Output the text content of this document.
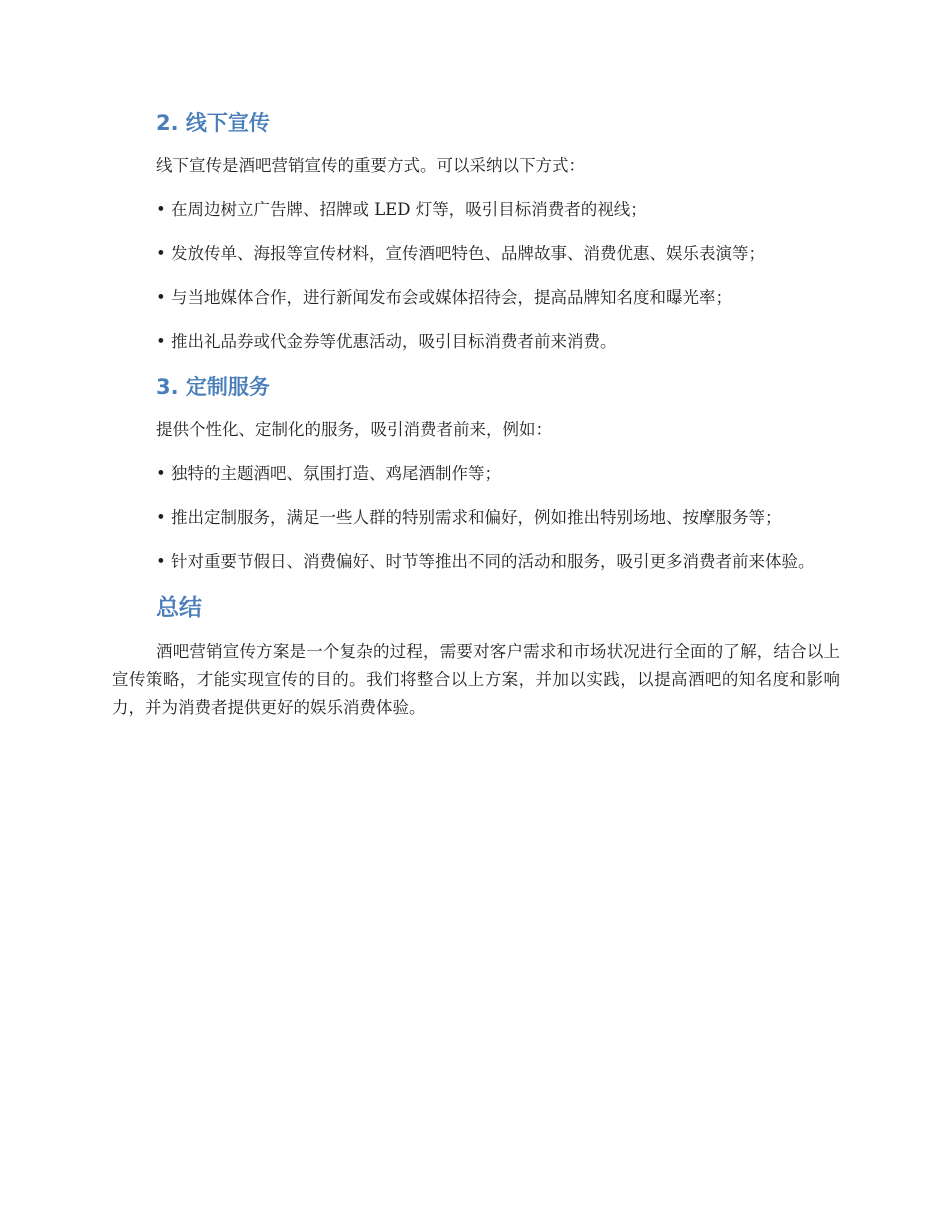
2. 线下宣传

线下宣传是酒吧营销宣传的重要方式。可以采纳以下方式：

• 在周边树立广告牌、招牌或 LED 灯等，吸引目标消费者的视线；

• 发放传单、海报等宣传材料，宣传酒吧特色、品牌故事、消费优惠、娱乐表演等；

• 与当地媒体合作，进行新闻发布会或媒体招待会，提高品牌知名度和曝光率；

• 推出礼品券或代金券等优惠活动，吸引目标消费者前来消费。

3. 定制服务

提供个性化、定制化的服务，吸引消费者前来，例如：

• 独特的主题酒吧、氛围打造、鸡尾酒制作等；

• 推出定制服务，满足一些人群的特别需求和偏好，例如推出特别场地、按摩服务等；

• 针对重要节假日、消费偏好、时节等推出不同的活动和服务，吸引更多消费者前来体验。

总结

酒吧营销宣传方案是一个复杂的过程，需要对客户需求和市场状况进行全面的了解，结合以上宣传策略，才能实现宣传的目的。我们将整合以上方案，并加以实践，以提高酒吧的知名度和影响力，并为消费者提供更好的娱乐消费体验。
